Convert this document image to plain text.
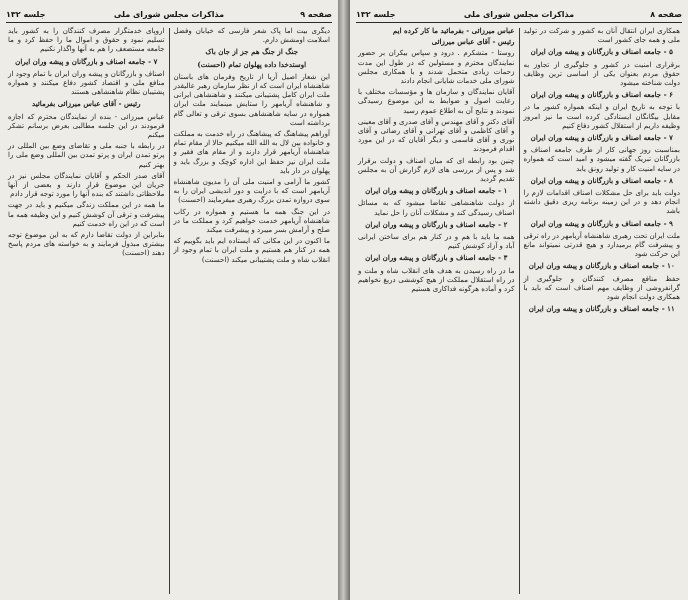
صفحه ۹
مذاکرات مجلس شورای ملی
جلسه ۱۳۲

دیگری بیت اما پاک شعر فارسی که خیابان وفضل اسلامت اومشش دارم.

جنگ از جنگ هم جز از جان باک

اوستدخدا داده پهلوان تمام (احسنت)

این شعار اصیل آریا از تاریخ وفرمان های باستان شاهنشاه ایران است که از نظر سازمان رهبر عالیقدر ملت ایران کامل پشتیبانی میکنند و شاهنشاهی ایرانی و شاهنشاه آریامهر را ستایش مینمایند ملت ایران همواره در سایه شاهنشاهی بسوی ترقی و تعالی گام برداشته است

آوراهم پیشاهنگ که پیشاهنگ در راه خدمت به مملکت و خانواده بین لال به الله الله میکنیم حالا از مقام تمام شاهنشاه آریامهر قرار دارند و از مقام های فقیر و ملت ایران نیز حفظ این اداره کوچک و بزرگ باید و پهلوان در دار باید

کشور ما آرامی و امنیت ملی آن را مدیون شاهنشاه آریامهر است که با درایت و دور اندیشی ایران را به سوی دروازه تمدن بزرگ رهبری میفرمایند (احسنت)

در این جنگ همه ما هستیم و همواره در رکاب شاهنشاه آریامهر خدمت خواهیم کرد و مملکت ما در صلح و آرامش بسر میبرد و پیشرفت میکند

ما اکنون در این مکانی که ایستاده ایم باید بگوییم که همه در کنار هم هستیم و ملت ایران با تمام وجود از انقلاب شاه و ملت پشتیبانی میکند (احسنت)

اروپای خدمتگزار مصرف کنندگان را به کشور باید تسلیم نمود و حقوق و اموال ما را حفظ کرد و ما جامعه مستضعف را هم به آنها واگذار نکنیم

۷ - جامعه اصناف و بازرگانان و پیشه وران ایران

اصناف و بازرگانان و پیشه وران ایران با تمام وجود از منافع ملی و اقتصاد کشور دفاع میکنند و همواره پشتیبان نظام شاهنشاهی هستند

رئیس - آقای عباس میرزائی بفرمائید

عباس میرزائی - بنده از نمایندگان محترم که اجازه فرمودند در این جلسه مطالبی بعرض برسانم تشکر میکنم

در رابطه با جنبه ملی و تقاضای وضع بین المللی در پرتو تمدن ایران و پرتو تمدن بین المللی وضع ملی را بهتر کنیم

آقای صدر الحکم و آقایان نمایندگان مجلس نیز در جریان این موضوع قرار دارند و بعضی از آنها ملاحظاتی داشتند که بنده آنها را مورد توجه قرار دادم

ما همه در این مملکت زندگی میکنیم و باید در جهت پیشرفت و ترقی آن کوشش کنیم و این وظیفه همه ما است که در این راه خدمت کنیم

بنابراین از دولت تقاضا دارم که به این موضوع توجه بیشتری مبذول فرمایند و به خواسته های مردم پاسخ دهند (احسنت)

صفحه ۸
مذاکرات مجلس شورای ملی
جلسه ۱۳۲

همکاری ایران انتقال آنان به کشور و شرکت در تولید ملی و همه جای کشور است

۵ - جامعه اصناف و بازرگانان و پیشه وران ایران

برقراری امنیت در کشور و جلوگیری از تجاوز به حقوق مردم بعنوان یکی از اساسی ترین وظایف دولت شناخته میشود

۶ - جامعه اصناف و بازرگانان و پیشه وران ایران

با توجه به تاریخ ایران و اینکه همواره کشور ما در مقابل بیگانگان ایستادگی کرده است ما نیز امروز وظیفه داریم از استقلال کشور دفاع کنیم

۷ - جامعه اصناف و بازرگانان و پیشه وران ایران

بمناسبت روز جهانی کار از طرف جامعه اصناف و بازرگانان تبریک گفته میشود و امید است که همواره در سایه امنیت کار و تولید رونق یابد

۸ - جامعه اصناف و بازرگانان و پیشه وران ایران

دولت باید برای حل مشکلات اصناف اقدامات لازم را انجام دهد و در این زمینه برنامه ریزی دقیق داشته باشد

۹ - جامعه اصناف و بازرگانان و پیشه وران ایران

ملت ایران تحت رهبری شاهنشاه آریامهر در راه ترقی و پیشرفت گام برمیدارد و هیچ قدرتی نمیتواند مانع این حرکت شود

۱۰ - جامعه اصناف و بازرگانان و پیشه وران ایران

حفظ منافع مصرف کنندگان و جلوگیری از گرانفروشی از وظایف مهم اصناف است که باید با همکاری دولت انجام شود

۱۱ - جامعه اصناف و بازرگانان و پیشه وران ایران

عباس میرزائی - بفرمائید ما کار کرده ایم

رئیس - آقای عباس میرزائی

روستا - متشکرم . درود و سپاس بیکران بر حضور نمایندگان محترم و مسئولین که در طول این مدت زحمات زیادی متحمل شدند و با همکاری مجلس شورای ملی خدمات شایانی انجام دادند

آقایان نمایندگان و سازمان ها و مؤسسات مختلف با رعایت اصول و ضوابط به این موضوع رسیدگی نمودند و نتایج آن به اطلاع عموم رسید

آقای دکتر و آقای مهندس و آقای صدری و آقای معینی و آقای کاظمی و آقای تهرانی و آقای رضائی و آقای نوری و آقای قاسمی و دیگر آقایان که در این مورد اقدام فرمودند

چنین بود رابطه ای که میان اصناف و دولت برقرار شد و پس از بررسی های لازم گزارش آن به مجلس تقدیم گردید

۱ - جامعه اصناف و بازرگانان و پیشه وران ایران

از دولت شاهنشاهی تقاضا میشود که به مسائل اصناف رسیدگی کند و مشکلات آنان را حل نماید

۲ - جامعه اصناف و بازرگانان و پیشه وران ایران

همه ما باید با هم و در کنار هم برای ساختن ایرانی آباد و آزاد کوشش کنیم

۳ - جامعه اصناف و بازرگانان و پیشه وران ایران

ما در راه رسیدن به هدف های انقلاب شاه و ملت و در راه استقلال مملکت از هیچ کوششی دریغ نخواهیم کرد و آماده هرگونه فداکاری هستیم
